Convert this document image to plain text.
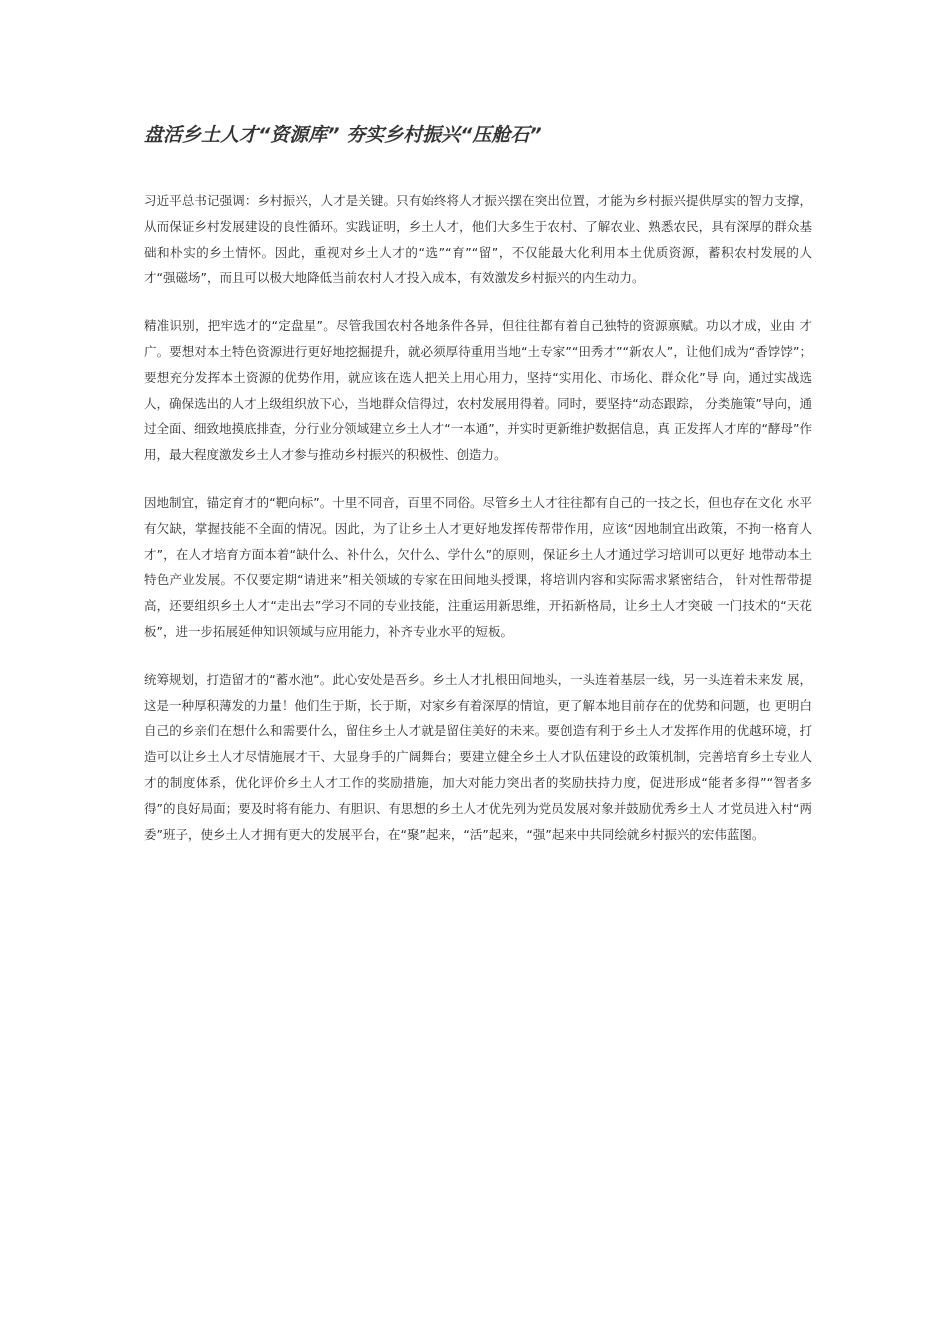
盘活乡土人才“资源库” 夯实乡村振兴“压舱石”

习近平总书记强调：乡村振兴，人才是关键。只有始终将人才振兴摆在突出位置，才能为乡村振兴提供厚实的智力支撑， 从而保证乡村发展建设的良性循环。实践证明，乡土人才，他们大多生于农村、了解农业、熟悉农民，具有深厚的群众基础和朴实的乡土情怀。因此，重视对乡土人才的“选”“育”“留”，不仅能最大化利用本土优质资源，蓄积农村发展的人才“强磁场”，而且可以极大地降低当前农村人才投入成本，有效激发乡村振兴的内生动力。

精准识别，把牢选才的“定盘星”。尽管我国农村各地条件各异，但往往都有着自己独特的资源禀赋。功以才成，业由 才广。要想对本土特色资源进行更好地挖掘提升，就必须厚待重用当地“土专家”“田秀才”“新农人”，让他们成为“香饽饽”；要想充分发挥本土资源的优势作用，就应该在选人把关上用心用力，坚持“实用化、市场化、群众化”导 向，通过实战选人，确保选出的人才上级组织放下心，当地群众信得过，农村发展用得着。同时，要坚持“动态跟踪， 分类施策”导向，通过全面、细致地摸底排查，分行业分领域建立乡土人才“一本通”，并实时更新维护数据信息，真 正发挥人才库的“酵母”作用，最大程度激发乡土人才参与推动乡村振兴的积极性、创造力。

因地制宜，锚定育才的“靶向标”。十里不同音，百里不同俗。尽管乡土人才往往都有自己的一技之长，但也存在文化 水平有欠缺，掌握技能不全面的情况。因此，为了让乡土人才更好地发挥传帮带作用，应该“因地制宜出政策，不拘一格育人才”，在人才培育方面本着“缺什么、补什么，欠什么、学什么”的原则，保证乡土人才通过学习培训可以更好 地带动本土特色产业发展。不仅要定期“请进来”相关领域的专家在田间地头授课，将培训内容和实际需求紧密结合， 针对性帮带提高，还要组织乡土人才“走出去”学习不同的专业技能，注重运用新思维，开拓新格局，让乡土人才突破 一门技术的“天花板”，进一步拓展延伸知识领域与应用能力，补齐专业水平的短板。

统筹规划，打造留才的“蓄水池”。此心安处是吾乡。乡土人才扎根田间地头，一头连着基层一线，另一头连着未来发 展，这是一种厚积薄发的力量！他们生于斯，长于斯，对家乡有着深厚的情谊，更了解本地目前存在的优势和问题，也 更明白自己的乡亲们在想什么和需要什么，留住乡土人才就是留住美好的未来。要创造有利于乡土人才发挥作用的优越环境，打造可以让乡土人才尽情施展才干、大显身手的广阔舞台；要建立健全乡土人才队伍建设的政策机制，完善培育乡土专业人才的制度体系，优化评价乡土人才工作的奖励措施，加大对能力突出者的奖励扶持力度，促进形成“能者多得”“智者多得”的良好局面；要及时将有能力、有胆识、有思想的乡土人才优先列为党员发展对象并鼓励优秀乡土人 才党员进入村“两委”班子，使乡土人才拥有更大的发展平台，在“聚”起来，“活”起来，“强”起来中共同绘就乡村振兴的宏伟蓝图。
